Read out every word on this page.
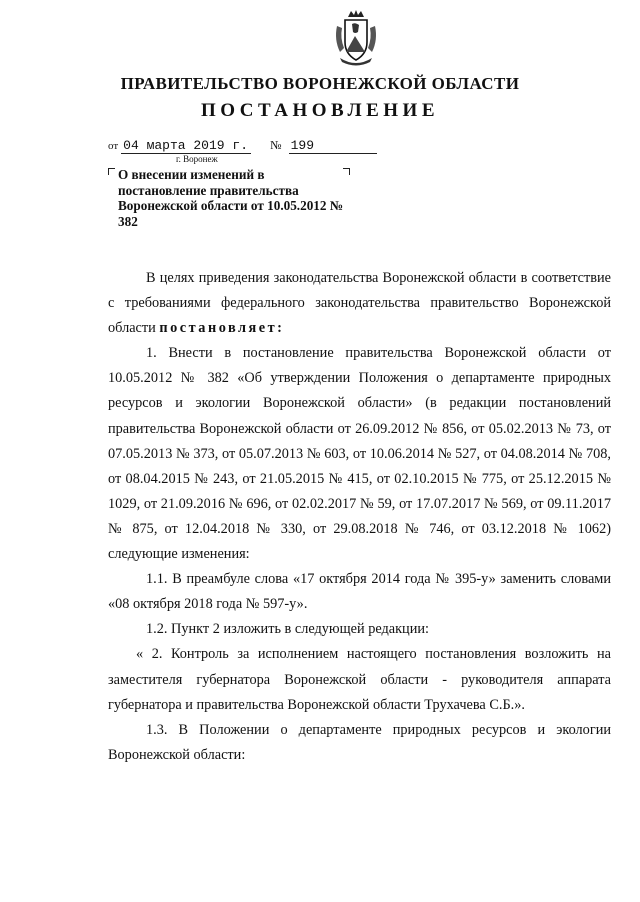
ПРАВИТЕЛЬСТВО ВОРОНЕЖСКОЙ ОБЛАСТИ
ПОСТАНОВЛЕНИЕ
от 04 марта 2019 г. № 199
г. Воронеж
О внесении изменений в постановление правительства Воронежской области от 10.05.2012 № 382

В целях приведения законодательства Воронежской области в соответствие с требованиями федерального законодательства правительство Воронежской области постановляет:

1. Внести в постановление правительства Воронежской области от 10.05.2012 № 382 «Об утверждении Положения о департаменте природных ресурсов и экологии Воронежской области» (в редакции постановлений правительства Воронежской области от 26.09.2012 № 856, от 05.02.2013 № 73, от 07.05.2013 № 373, от 05.07.2013 № 603, от 10.06.2014 № 527, от 04.08.2014 № 708, от 08.04.2015 № 243, от 21.05.2015 № 415, от 02.10.2015 № 775, от 25.12.2015 № 1029, от 21.09.2016 № 696, от 02.02.2017 № 59, от 17.07.2017 № 569, от 09.11.2017 № 875, от 12.04.2018 № 330, от 29.08.2018 № 746, от 03.12.2018 № 1062) следующие изменения:

1.1. В преамбуле слова «17 октября 2014 года № 395-у» заменить словами «08 октября 2018 года № 597-у».

1.2. Пункт 2 изложить в следующей редакции:

« 2. Контроль за исполнением настоящего постановления возложить на заместителя губернатора Воронежской области - руководителя аппарата губернатора и правительства Воронежской области Трухачева С.Б.».

1.3. В Положении о департаменте природных ресурсов и экологии Воронежской области:
